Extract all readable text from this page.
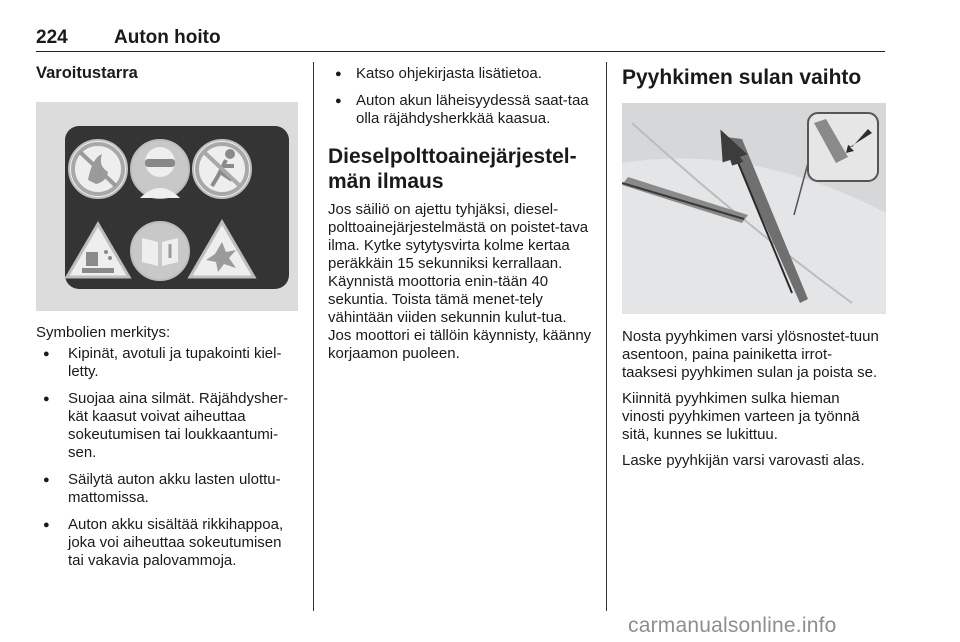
224 Auton hoito
Varoitustarra

Symbolien merkitys:

● Kipinät, avotuli ja tupakointi kiel-letty.
● Suojaa aina silmät. Räjähdysher-kät kaasut voivat aiheuttaa sokeutumisen tai loukkaantumi-sen.
● Säilytä auton akku lasten ulottu-mattomissa.
● Auton akku sisältää rikkihappoa, joka voi aiheuttaa sokeutumisen tai vakavia palovammoja.
● Katso ohjekirjasta lisätietoa.
● Auton akun läheisyydessä saat-taa olla räjähdysherkkää kaasua.
Dieselpolttoainejärjestel-män ilmaus

Jos säiliö on ajettu tyhjäksi, diesel-polttoainejärjestelmästä on poistet-tava ilma. Kytke sytytysvirta kolme kertaa peräkkäin 15 sekunniksi kerrallaan. Käynnistä moottoria enin-tään 40 sekuntia. Toista tämä menet-tely vähintään viiden sekunnin kulut-tua. Jos moottori ei tällöin käynnisty, käänny korjaamon puoleen.

Pyyhkimen sulan vaihto

Nosta pyyhkimen varsi ylösnostet-tuun asentoon, paina painiketta irrot-taaksesi pyyhkimen sulan ja poista se.

Kiinnitä pyyhkimen sulka hieman vinosti pyyhkimen varteen ja työnnä sitä, kunnes se lukittuu.

Laske pyyhkijän varsi varovasti alas.

carmanualsonline.info
